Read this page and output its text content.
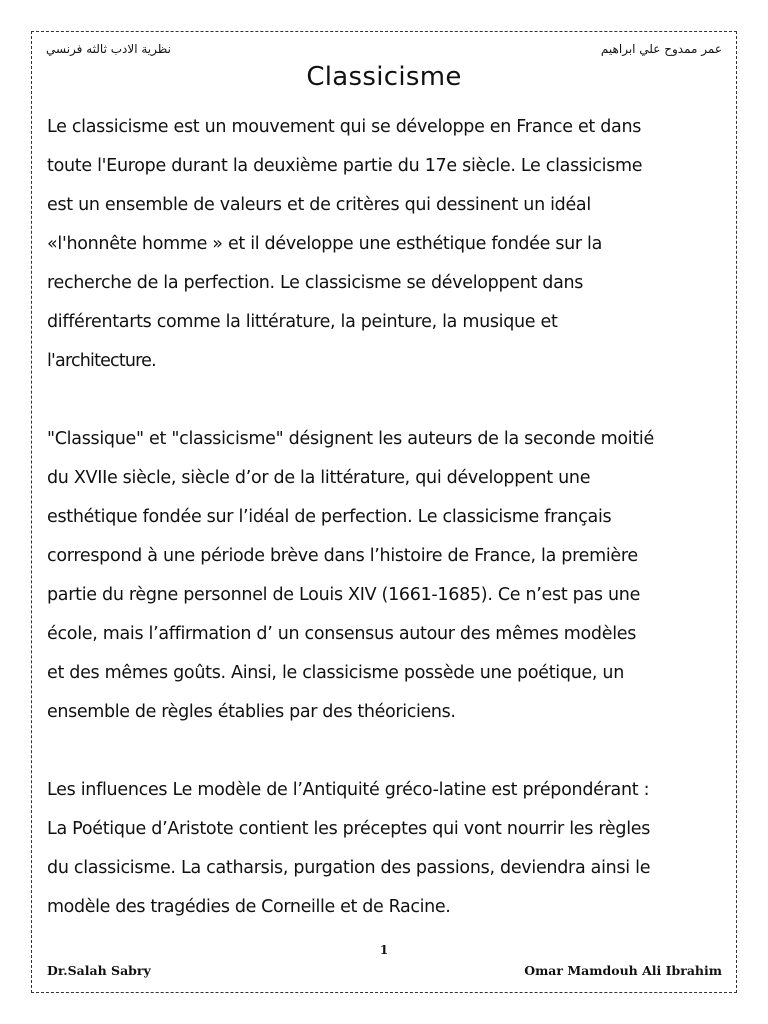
نظرية الادب ثالثه فرنسي	عمر ممدوح علي ابراهيم
Classicisme
Le classicisme est un mouvement qui se développe en France et dans
toute l'Europe durant la deuxième partie du 17e siècle. Le classicisme
est un ensemble de valeurs et de critères qui dessinent un idéal
«l'honnête homme » et il développe une esthétique fondée sur la
recherche de la perfection. Le classicisme se développent dans
différentarts comme la littérature, la peinture, la musique et
l'architecture.
"Classique" et "classicisme" désignent les auteurs de la seconde moitié
du XVIIe siècle, siècle d’or de la littérature, qui développent une
esthétique fondée sur l’idéal de perfection. Le classicisme français
correspond à une période brève dans l’histoire de France, la première
partie du règne personnel de Louis XIV (1661-1685). Ce n’est pas une
école, mais l’affirmation d’ un consensus autour des mêmes modèles
et des mêmes goûts. Ainsi, le classicisme possède une poétique, un
ensemble de règles établies par des théoriciens.
Les influences Le modèle de l’Antiquité gréco-latine est prépondérant :
La Poétique d’Aristote contient les préceptes qui vont nourrir les règles
du classicisme. La catharsis, purgation des passions, deviendra ainsi le
modèle des tragédies de Corneille et de Racine.
1
Dr.Salah Sabry	Omar Mamdouh Ali Ibrahim
